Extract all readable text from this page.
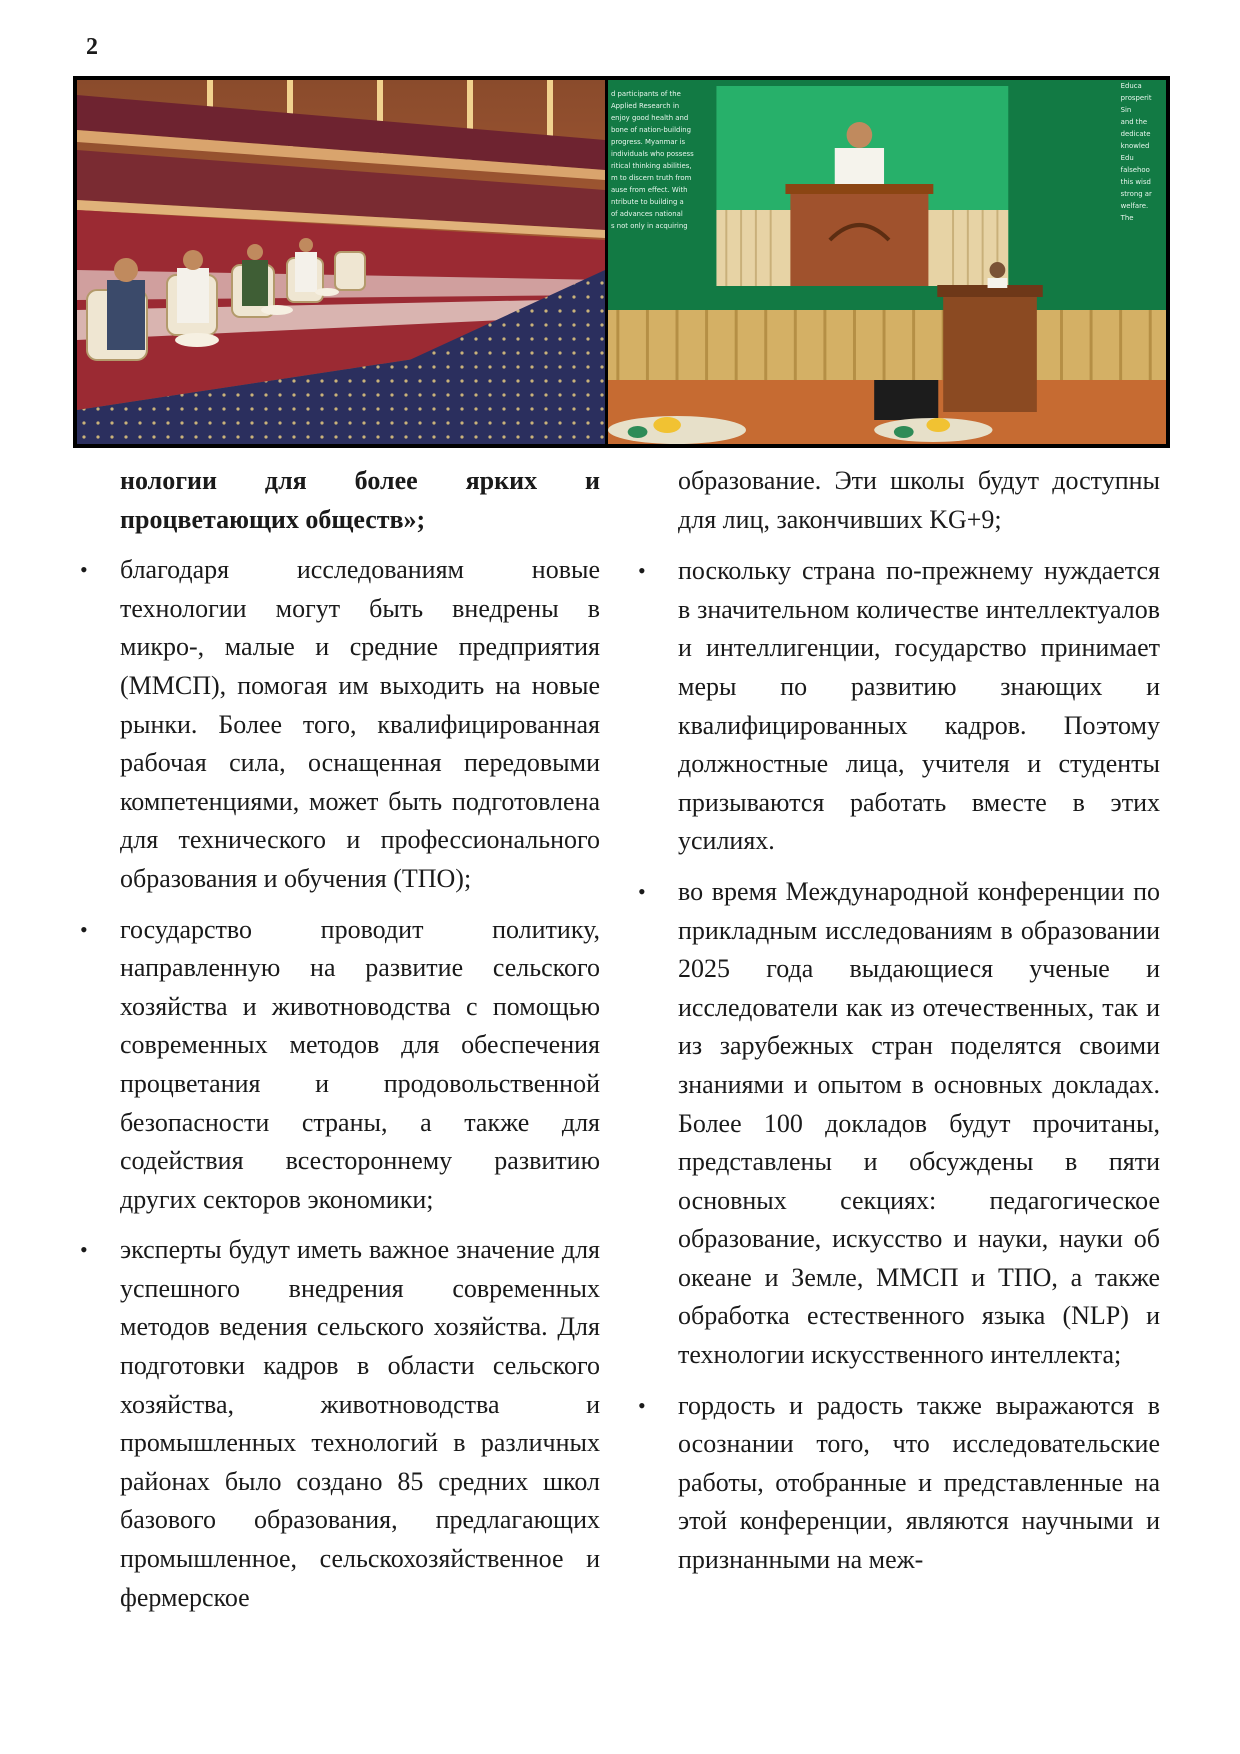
2
d participants of the
Applied Research in
enjoy good health and
bone of nation-building
progress. Myanmar is
individuals who possess
ritical thinking abilities,
m to discern truth from
ause from effect. With
ntribute to building a
of advances national
s not only in acquiring
Educa
prosperit
Sin
and the
dedicate
knowled
Edu
falsehoo
this wisd
strong ar
welfare.
The

нологии для более ярких и процветающих обществ»;

• благодаря исследованиям новые технологии могут быть внедрены в микро-, малые и средние предприятия (ММСП), помогая им выходить на новые рынки. Более того, квалифицированная рабочая сила, оснащенная передовыми компетенциями, может быть подготовлена для технического и профессионального образования и обучения (ТПО);
• государство проводит политику, направленную на развитие сельского хозяйства и животноводства с помощью современных методов для обеспечения процветания и продовольственной безопасности страны, а также для содействия всестороннему развитию других секторов экономики;
• эксперты будут иметь важное значение для успешного внедрения современных методов ведения сельского хозяйства. Для подготовки кадров в области сельского хозяйства, животноводства и промышленных технологий в различных районах было создано 85 средних школ базового образования, предлагающих промышленное, сельскохозяйственное и фермерское

образование. Эти школы будут доступны для лиц, закончивших KG+9;

• поскольку страна по-прежнему нуждается в значительном количестве интеллектуалов и интеллигенции, государство принимает меры по развитию знающих и квалифицированных кадров. Поэтому должностные лица, учителя и студенты призываются работать вместе в этих усилиях.
• во время Международной конференции по прикладным исследованиям в образовании 2025 года выдающиеся ученые и исследователи как из отечественных, так и из зарубежных стран поделятся своими знаниями и опытом в основных докладах. Более 100 докладов будут прочитаны, представлены и обсуждены в пяти основных секциях: педагогическое образование, искусство и науки, науки об океане и Земле, ММСП и ТПО, а также обработка естественного языка (NLP) и технологии искусственного интеллекта;
• гордость и радость также выражаются в осознании того, что исследовательские работы, отобранные и представленные на этой конференции, являются научными и признанными на меж-
